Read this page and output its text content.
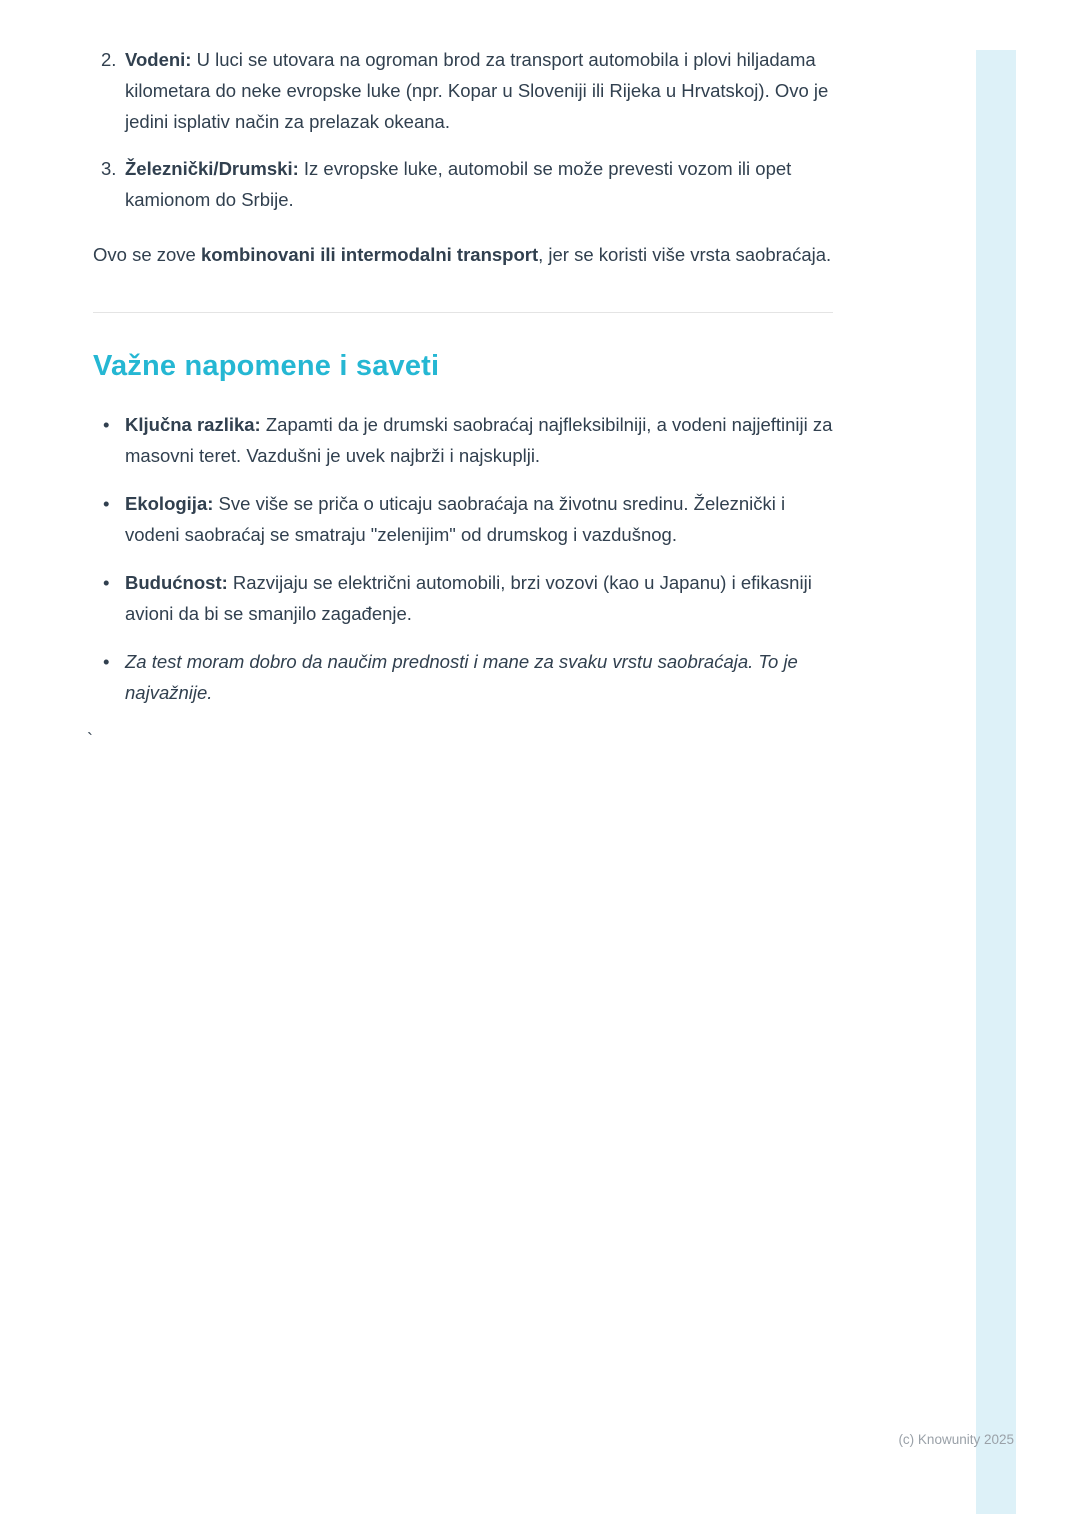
2. Vodeni: U luci se utovara na ogroman brod za transport automobila i plovi hiljadama kilometara do neke evropske luke (npr. Kopar u Sloveniji ili Rijeka u Hrvatskoj). Ovo je jedini isplativ način za prelazak okeana.
3. Železnički/Drumski: Iz evropske luke, automobil se može prevesti vozom ili opet kamionom do Srbije.

Ovo se zove kombinovani ili intermodalni transport, jer se koristi više vrsta saobraćaja.

Važne napomene i saveti
• Ključna razlika: Zapamti da je drumski saobraćaj najfleksibilniji, a vodeni najjeftiniji za masovni teret. Vazdušni je uvek najbrži i najskuplji.
• Ekologija: Sve više se priča o uticaju saobraćaja na životnu sredinu. Železnički i vodeni saobraćaj se smatraju "zelenijim" od drumskog i vazdušnog.
• Budućnost: Razvijaju se električni automobili, brzi vozovi (kao u Japanu) i efikasniji avioni da bi se smanjilo zagađenje.
• Za test moram dobro da naučim prednosti i mane za svaku vrstu saobraćaja. To je najvažnije.
`
(c) Knowunity 2025
